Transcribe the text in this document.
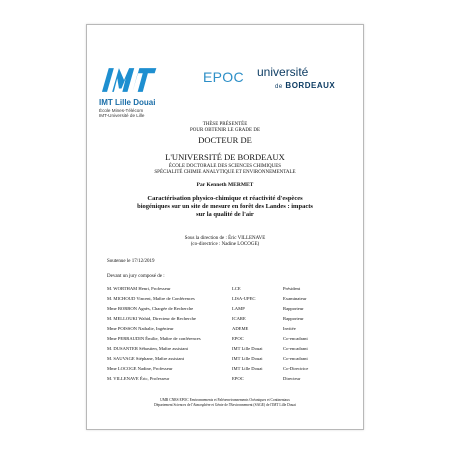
IMT Lille Douai
École Mines-Télécom
IMT-Université de Lille
EPOC université
de BORDEAUX
THÈSE PRÉSENTÉE
POUR OBTENIR LE GRADE DE
DOCTEUR DE
L'UNIVERSITÉ DE BORDEAUX
ÉCOLE DOCTORALE DES SCIENCES CHIMIQUES
SPÉCIALITÉ CHIMIE ANALYTIQUE ET ENVIRONNEMENTALE
Par Kenneth MERMET
Caractérisation physico-chimique et réactivité d'espèces
biogéniques sur un site de mesure en forêt des Landes : impacts
sur la qualité de l'air
Sous la direction de : Éric VILLENAVE
(co-directrice : Nadine LOCOGE)
Soutenue le 17/12/2019
Devant un jury composé de :
M. WORTHAM Henri, Professeur	LCE	Président
M. MICHOUD Vincent, Maître de Conférences	LISA-UPEC	Examinateur
Mme BORBON Agnès, Chargée de Recherche	LAMP	Rapporteur
M. MELLOUKI Wahid, Directeur de Recherche	ICARE	Rapporteur
Mme POISSON Nathalie, Ingénieur	ADEME	Invitée
Mme PERRAUDIN Émilie, Maître de conférences	EPOC	Co-encadrant
M. DUSANTER Sébastien, Maître assistant	IMT Lille Douai	Co-encadrant
M. SAUVAGE Stéphane, Maître assistant	IMT Lille Douai	Co-encadrant
Mme LOCOGE Nadine, Professeur	IMT Lille Douai	Co-Directrice
M. VILLENAVE Éric, Professeur	EPOC	Directeur
UMR CNRS EPOC Environnements et Paléoenvironnements Océaniques et Continentaux
Département Sciences de l'Atmosphère et Génie de l'Environnement (SAGE) de l'IMT Lille Douai
